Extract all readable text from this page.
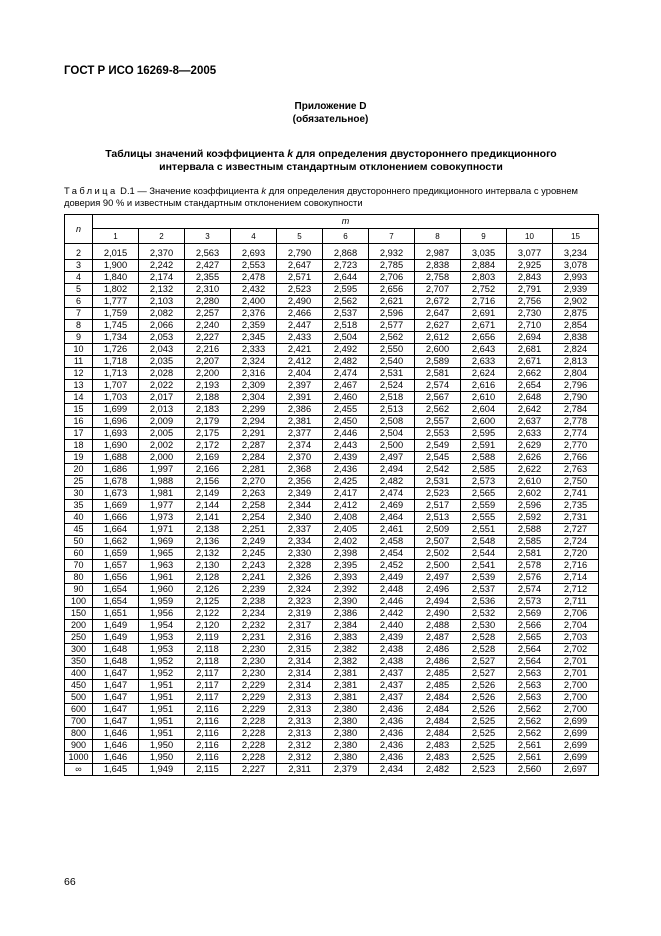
ГОСТ Р ИСО 16269-8—2005
Приложение D
(обязательное)
Таблицы значений коэффициента k для определения двустороннего предикционного
интервала с известным стандартным отклонением совокупности
Таблица D.1 — Значение коэффициента k для определения двустороннего предикционного интервала с уровнем доверия 90 % и известным стандартным отклонением совокупности
n	m										
	1	2	3	4	5	6	7	8	9	10	15
2	2,015	2,370	2,563	2,693	2,790	2,868	2,932	2,987	3,035	3,077	3,234
3	1,900	2,242	2,427	2,553	2,647	2,723	2,785	2,838	2,884	2,925	3,078
4	1,840	2,174	2,355	2,478	2,571	2,644	2,706	2,758	2,803	2,843	2,993
5	1,802	2,132	2,310	2,432	2,523	2,595	2,656	2,707	2,752	2,791	2,939
6	1,777	2,103	2,280	2,400	2,490	2,562	2,621	2,672	2,716	2,756	2,902
7	1,759	2,082	2,257	2,376	2,466	2,537	2,596	2,647	2,691	2,730	2,875
8	1,745	2,066	2,240	2,359	2,447	2,518	2,577	2,627	2,671	2,710	2,854
9	1,734	2,053	2,227	2,345	2,433	2,504	2,562	2,612	2,656	2,694	2,838
10	1,726	2,043	2,216	2,333	2,421	2,492	2,550	2,600	2,643	2,681	2,824
11	1,718	2,035	2,207	2,324	2,412	2,482	2,540	2,589	2,633	2,671	2,813
12	1,713	2,028	2,200	2,316	2,404	2,474	2,531	2,581	2,624	2,662	2,804
13	1,707	2,022	2,193	2,309	2,397	2,467	2,524	2,574	2,616	2,654	2,796
14	1,703	2,017	2,188	2,304	2,391	2,460	2,518	2,567	2,610	2,648	2,790
15	1,699	2,013	2,183	2,299	2,386	2,455	2,513	2,562	2,604	2,642	2,784
16	1,696	2,009	2,179	2,294	2,381	2,450	2,508	2,557	2,600	2,637	2,778
17	1,693	2,005	2,175	2,291	2,377	2,446	2,504	2,553	2,595	2,633	2,774
18	1,690	2,002	2,172	2,287	2,374	2,443	2,500	2,549	2,591	2,629	2,770
19	1,688	2,000	2,169	2,284	2,370	2,439	2,497	2,545	2,588	2,626	2,766
20	1,686	1,997	2,166	2,281	2,368	2,436	2,494	2,542	2,585	2,622	2,763
25	1,678	1,988	2,156	2,270	2,356	2,425	2,482	2,531	2,573	2,610	2,750
30	1,673	1,981	2,149	2,263	2,349	2,417	2,474	2,523	2,565	2,602	2,741
35	1,669	1,977	2,144	2,258	2,344	2,412	2,469	2,517	2,559	2,596	2,735
40	1,666	1,973	2,141	2,254	2,340	2,408	2,464	2,513	2,555	2,592	2,731
45	1,664	1,971	2,138	2,251	2,337	2,405	2,461	2,509	2,551	2,588	2,727
50	1,662	1,969	2,136	2,249	2,334	2,402	2,458	2,507	2,548	2,585	2,724
60	1,659	1,965	2,132	2,245	2,330	2,398	2,454	2,502	2,544	2,581	2,720
70	1,657	1,963	2,130	2,243	2,328	2,395	2,452	2,500	2,541	2,578	2,716
80	1,656	1,961	2,128	2,241	2,326	2,393	2,449	2,497	2,539	2,576	2,714
90	1,654	1,960	2,126	2,239	2,324	2,392	2,448	2,496	2,537	2,574	2,712
100	1,654	1,959	2,125	2,238	2,323	2,390	2,446	2,494	2,536	2,573	2,711
150	1,651	1,956	2,122	2,234	2,319	2,386	2,442	2,490	2,532	2,569	2,706
200	1,649	1,954	2,120	2,232	2,317	2,384	2,440	2,488	2,530	2,566	2,704
250	1,649	1,953	2,119	2,231	2,316	2,383	2,439	2,487	2,528	2,565	2,703
300	1,648	1,953	2,118	2,230	2,315	2,382	2,438	2,486	2,528	2,564	2,702
350	1,648	1,952	2,118	2,230	2,314	2,382	2,438	2,486	2,527	2,564	2,701
400	1,647	1,952	2,117	2,230	2,314	2,381	2,437	2,485	2,527	2,563	2,701
450	1,647	1,951	2,117	2,229	2,314	2,381	2,437	2,485	2,526	2,563	2,700
500	1,647	1,951	2,117	2,229	2,313	2,381	2,437	2,484	2,526	2,563	2,700
600	1,647	1,951	2,116	2,229	2,313	2,380	2,436	2,484	2,526	2,562	2,700
700	1,647	1,951	2,116	2,228	2,313	2,380	2,436	2,484	2,525	2,562	2,699
800	1,646	1,951	2,116	2,228	2,313	2,380	2,436	2,484	2,525	2,562	2,699
900	1,646	1,950	2,116	2,228	2,312	2,380	2,436	2,483	2,525	2,561	2,699
1000	1,646	1,950	2,116	2,228	2,312	2,380	2,436	2,483	2,525	2,561	2,699
∞	1,645	1,949	2,115	2,227	2,311	2,379	2,434	2,482	2,523	2,560	2,697
66
